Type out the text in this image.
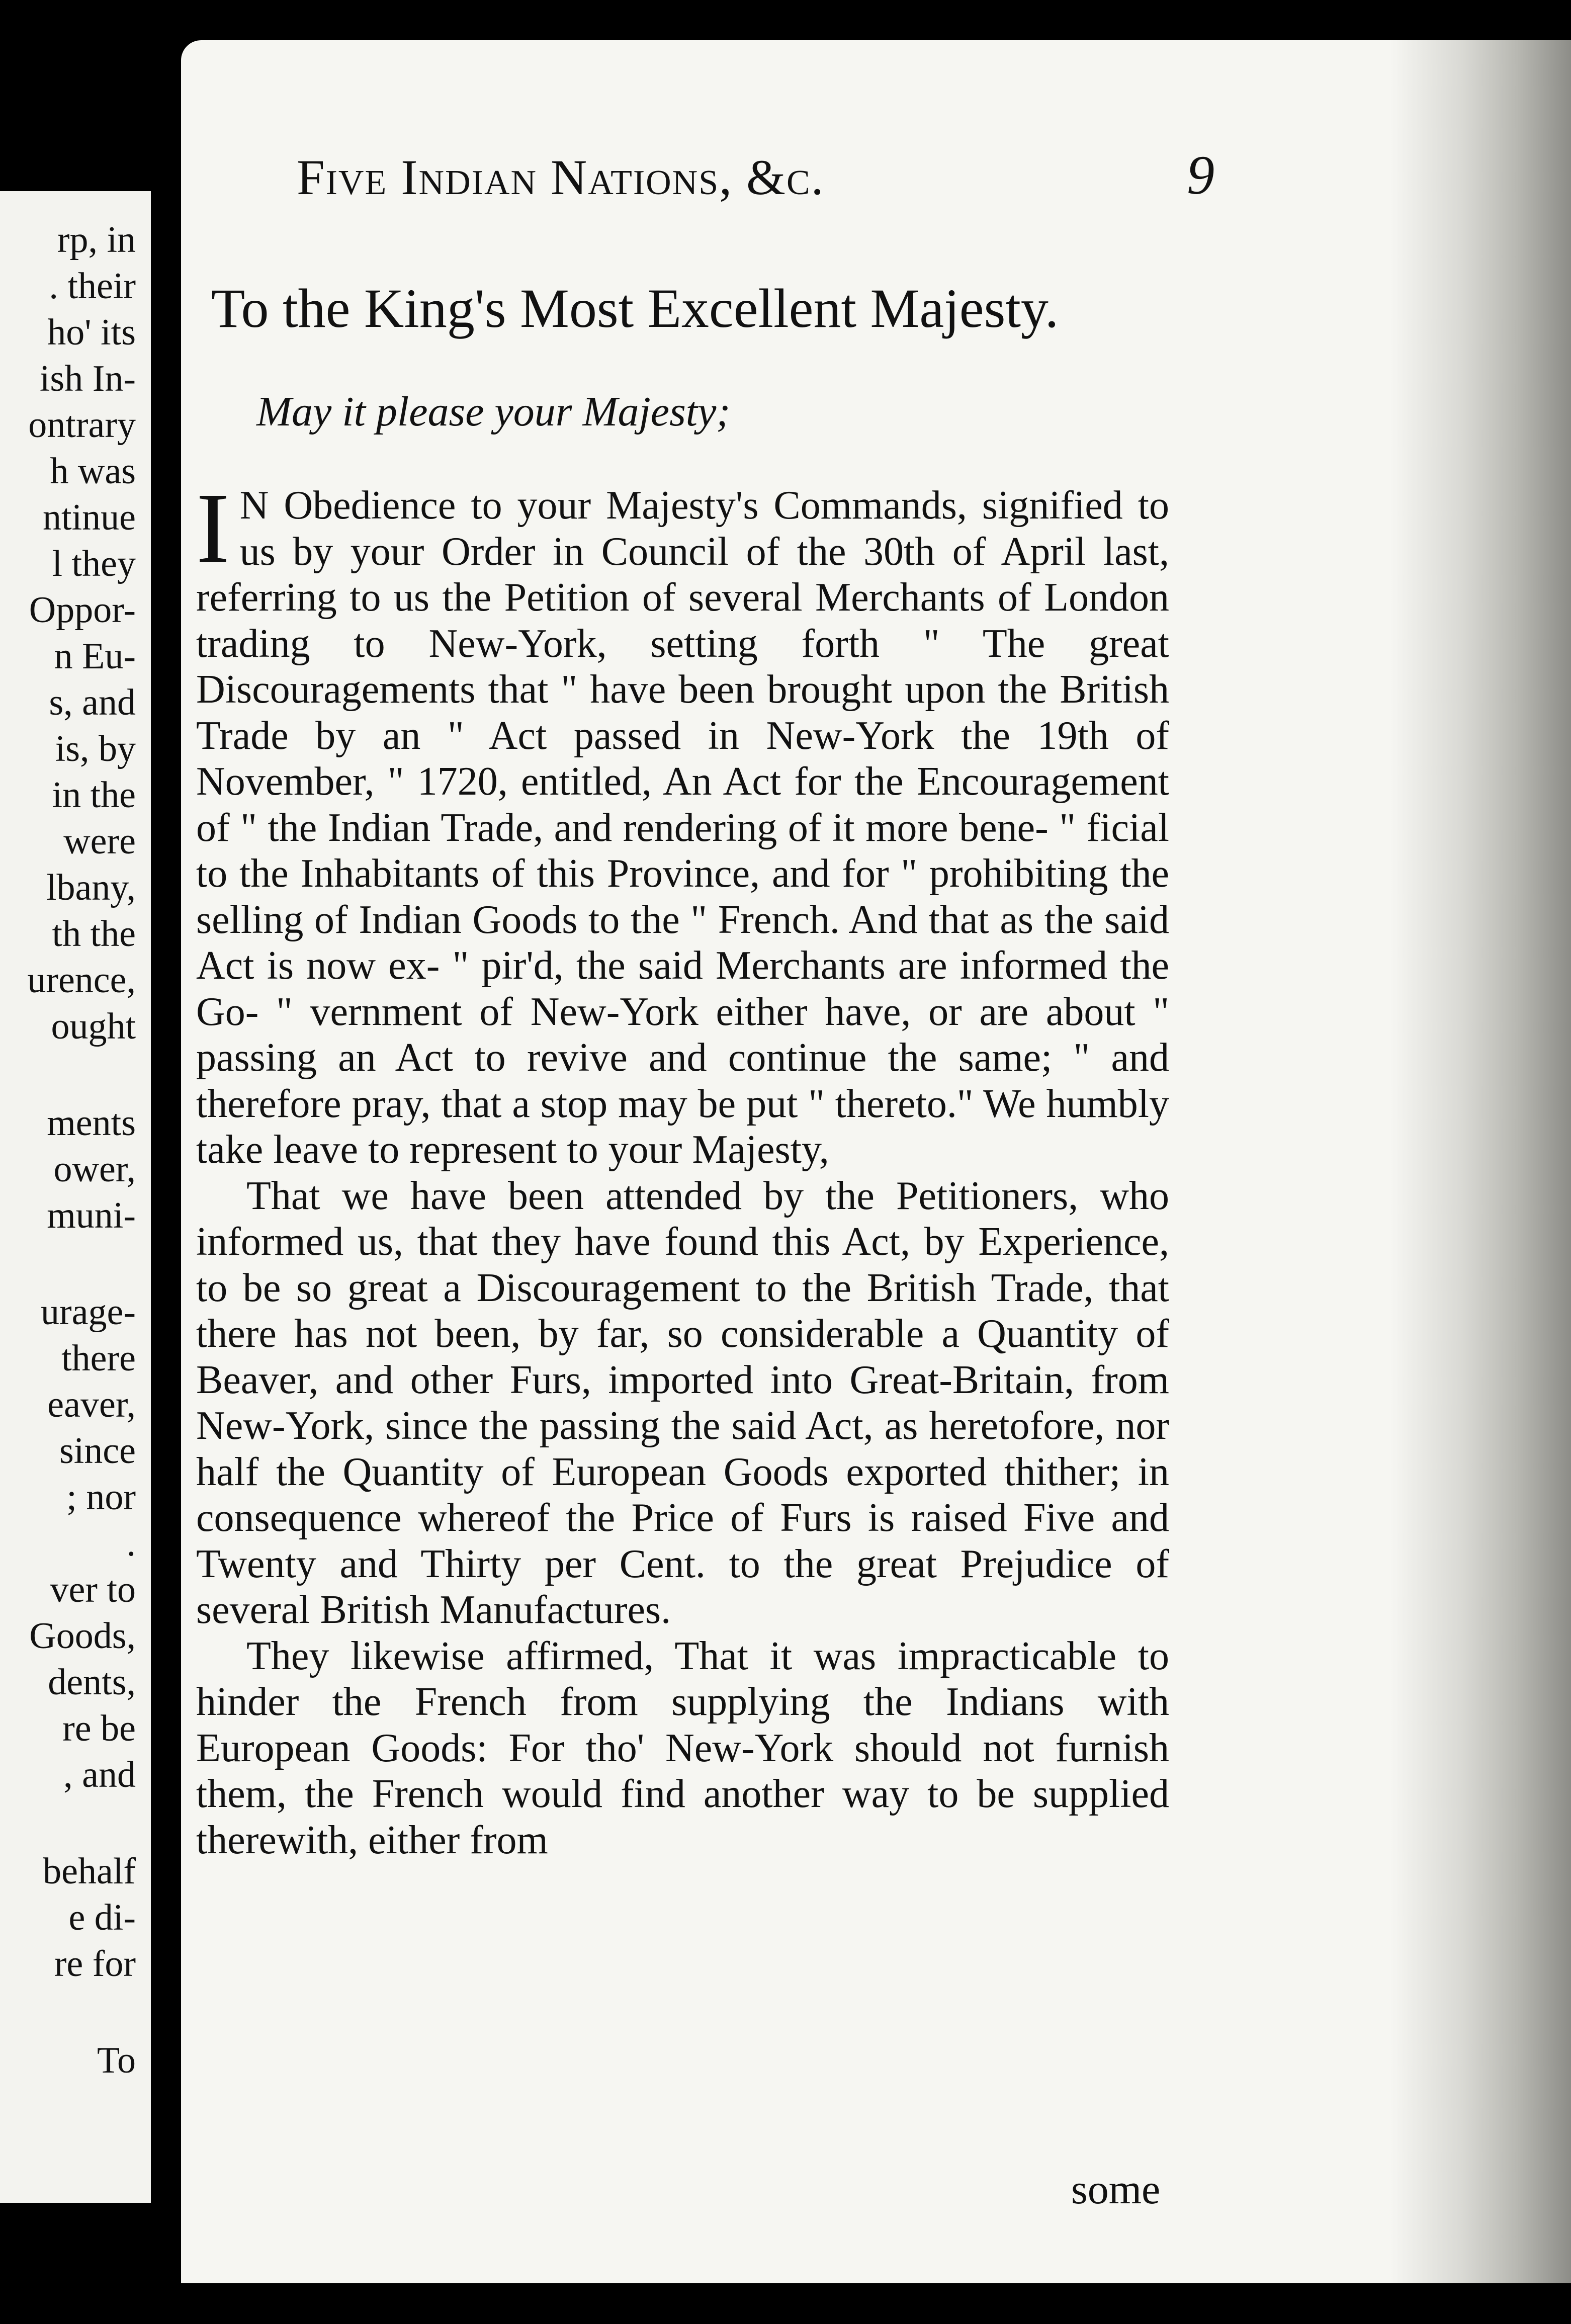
rp, in
. their
ho' its
ish In-
ontrary
h was
ntinue
l they
Oppor-
n Eu-
s, and
is, by
in the
were
lbany,
th the
urence,
ought
ments
ower,
muni-
urage-
there
eaver,
since
; nor
.
ver to
Goods,
dents,
re be
, and
behalf
e di-
re for
To
Five Indian Nations, &c.	9
To the King's Most Excellent Majesty.
May it please your Majesty;

I N Obedience to your Majesty's Commands, signified to us by your Order in Council of the 30th of April last, referring to us the Petition of several Merchants of London trading to New-York, setting forth " The great Discouragements that " have been brought upon the British Trade by an " Act passed in New-York the 19th of November, " 1720, entitled, An Act for the Encouragement of " the Indian Trade, and rendering of it more bene- " ficial to the Inhabitants of this Province, and for " prohibiting the selling of Indian Goods to the " French. And that as the said Act is now ex- " pir'd, the said Merchants are informed the Go- " vernment of New-York either have, or are about " passing an Act to revive and continue the same; " and therefore pray, that a stop may be put " thereto." We humbly take leave to represent to your Majesty,

That we have been attended by the Petitioners, who informed us, that they have found this Act, by Experience, to be so great a Discouragement to the British Trade, that there has not been, by far, so considerable a Quantity of Beaver, and other Furs, imported into Great-Britain, from New-York, since the passing the said Act, as heretofore, nor half the Quantity of European Goods exported thither; in consequence whereof the Price of Furs is raised Five and Twenty and Thirty per Cent. to the great Prejudice of several British Manufactures.

They likewise affirmed, That it was impracticable to hinder the French from supplying the Indians with European Goods: For tho' New-York should not furnish them, the French would find another way to be supplied therewith, either from

some
